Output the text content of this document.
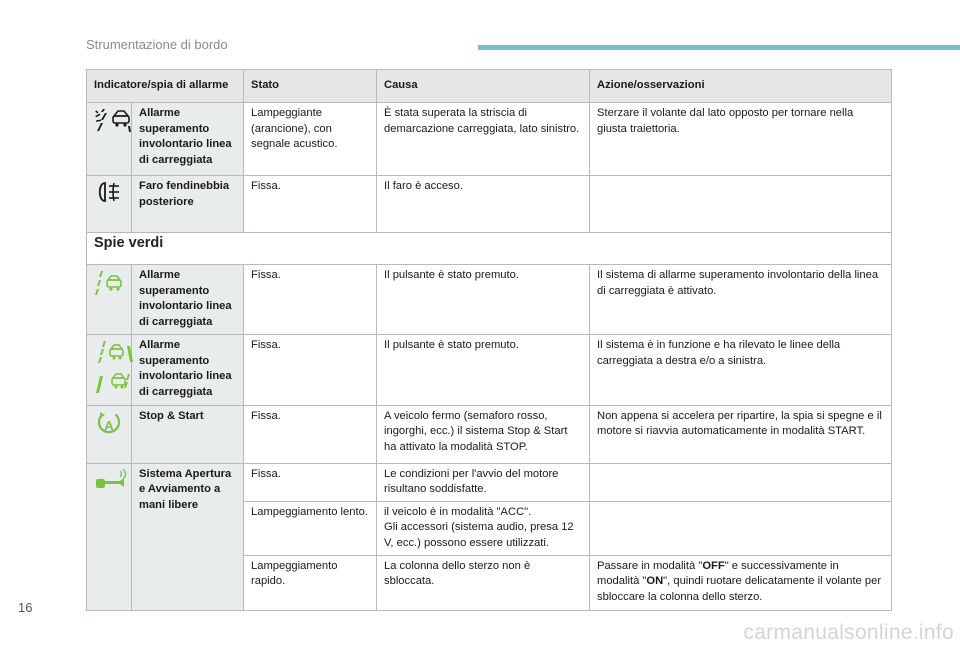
Strumentazione di bordo
Indicatore/spia di allarme		Stato	Causa	Azione/osservazioni
	Allarme superamento involontario linea di carreggiata	Lampeggiante (arancione), con segnale acustico.	È stata superata la striscia di demarcazione carreggiata, lato sinistro.	Sterzare il volante dal lato opposto per tornare nella giusta traiettoria.
	Faro fendinebbia posteriore	Fissa.	Il faro è acceso.	
Spie verdi				
	Allarme superamento involontario linea di carreggiata	Fissa.	Il pulsante è stato premuto.	Il sistema di allarme superamento involontario della linea di carreggiata è attivato.
	Allarme superamento involontario linea di carreggiata	Fissa.	Il pulsante è stato premuto.	Il sistema è in funzione e ha rilevato le linee della carreggiata a destra e/o a sinistra.

A	Stop & Start	Fissa.	A veicolo fermo (semaforo rosso, ingorghi, ecc.) il sistema Stop & Start ha attivato la modalità STOP.	Non appena si accelera per ripartire, la spia si spegne e il motore si riavvia automaticamente in modalità START.
	Sistema Apertura e Avviamento a mani libere	Fissa.	Le condizioni per l'avvio del motore risultano soddisfatte.	
		Lampeggiamento lento.	il veicolo è in modalità "ACC".
Gli accessori (sistema audio, presa 12 V, ecc.) possono essere utilizzati.	

		Lampeggiamento rapido.	La colonna dello sterzo non è sbloccata.	Passare in modalità "OFF" e successivamente in modalità "ON", quindi ruotare delicatamente il volante per sbloccare la colonna dello sterzo.
16
carmanualsonline.info
